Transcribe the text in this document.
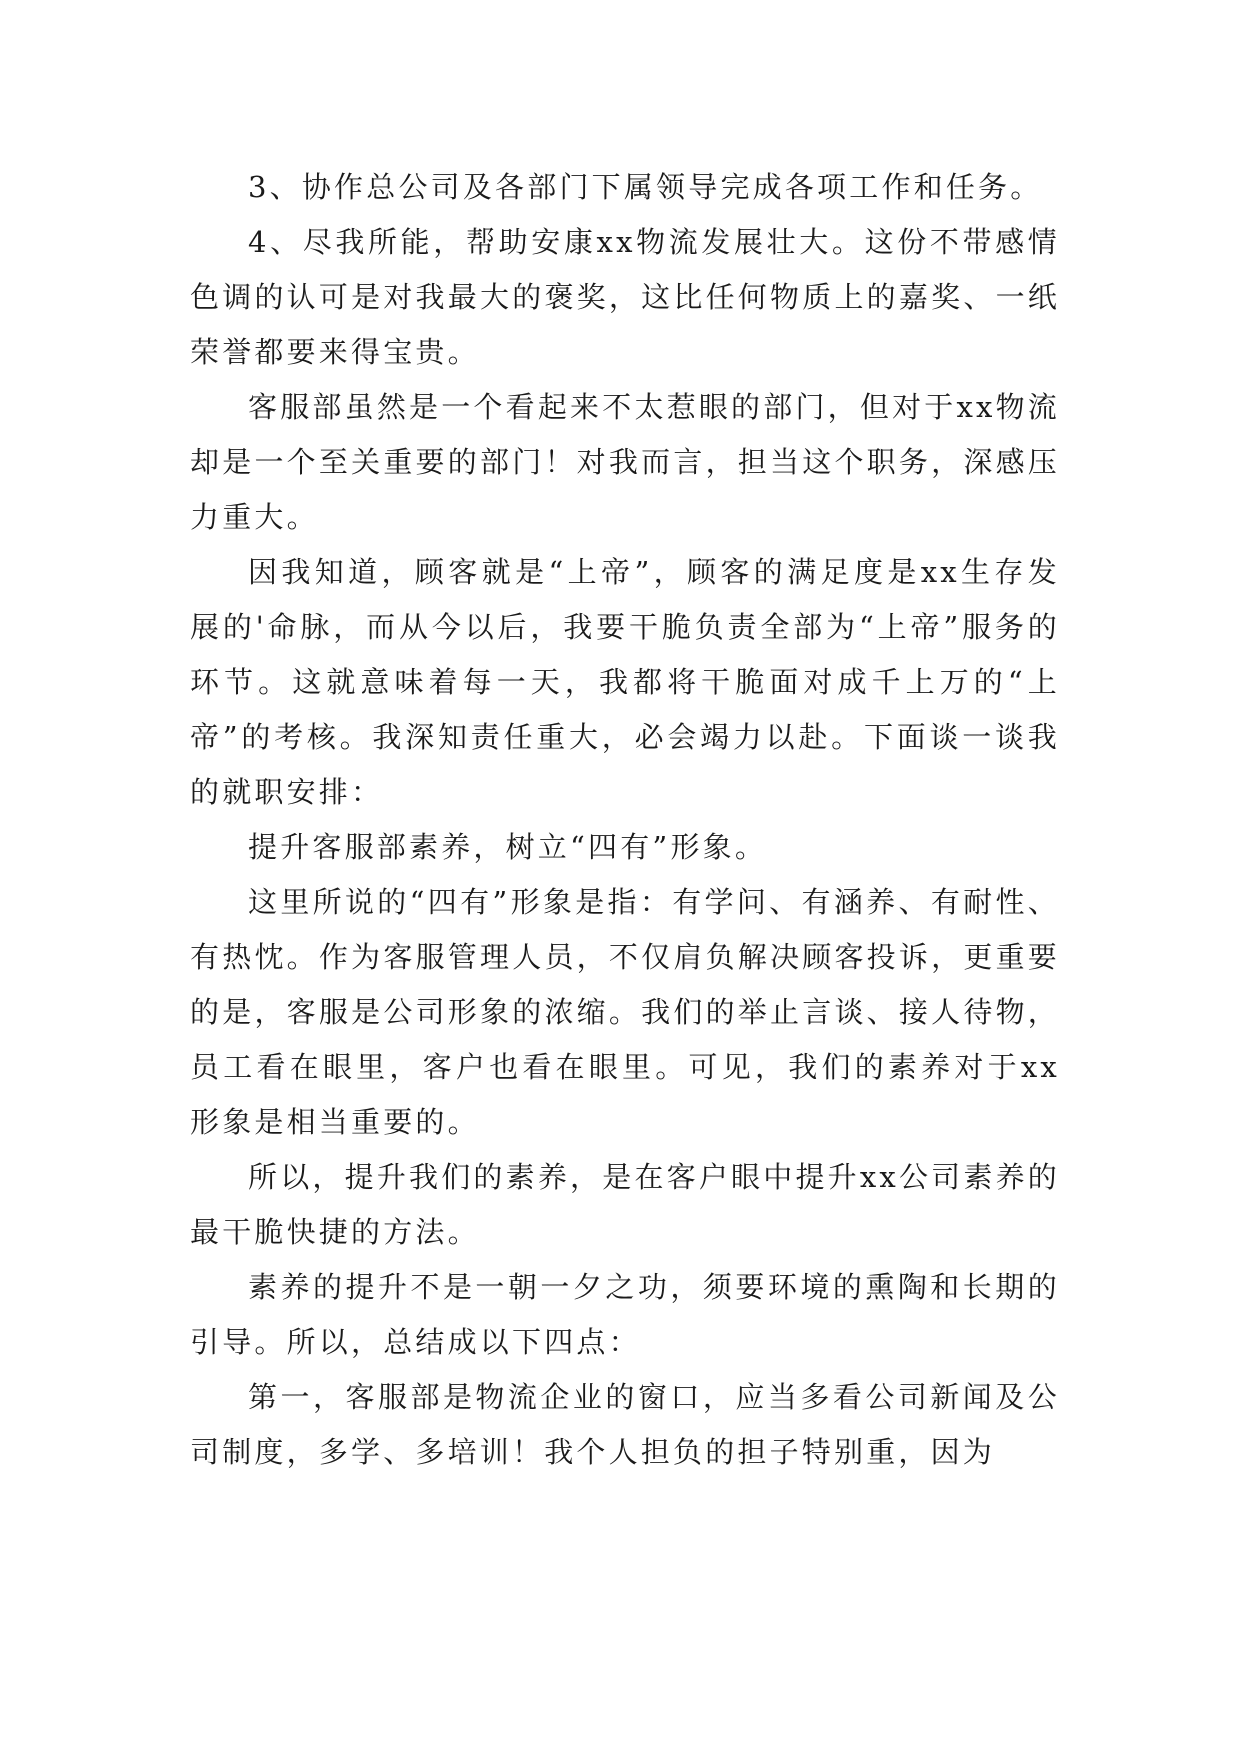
3、协作总公司及各部门下属领导完成各项工作和任务。

4、尽我所能，帮助安康xx物流发展壮大。这份不带感情色调的认可是对我最大的褒奖，这比任何物质上的嘉奖、一纸荣誉都要来得宝贵。

客服部虽然是一个看起来不太惹眼的部门，但对于xx物流却是一个至关重要的部门！对我而言，担当这个职务，深感压力重大。

因我知道，顾客就是“上帝”，顾客的满足度是xx生存发展的'命脉，而从今以后，我要干脆负责全部为“上帝”服务的环节。这就意味着每一天，我都将干脆面对成千上万的“上帝”的考核。我深知责任重大，必会竭力以赴。下面谈一谈我的就职安排：

提升客服部素养，树立“四有”形象。

这里所说的“四有”形象是指：有学问、有涵养、有耐性、有热忱。作为客服管理人员，不仅肩负解决顾客投诉，更重要的是，客服是公司形象的浓缩。我们的举止言谈、接人待物，员工看在眼里，客户也看在眼里。可见，我们的素养对于xx形象是相当重要的。

所以，提升我们的素养，是在客户眼中提升xx公司素养的最干脆快捷的方法。

素养的提升不是一朝一夕之功，须要环境的熏陶和长期的引导。所以，总结成以下四点：

第一，客服部是物流企业的窗口，应当多看公司新闻及公司制度，多学、多培训！我个人担负的担子特别重，因为
